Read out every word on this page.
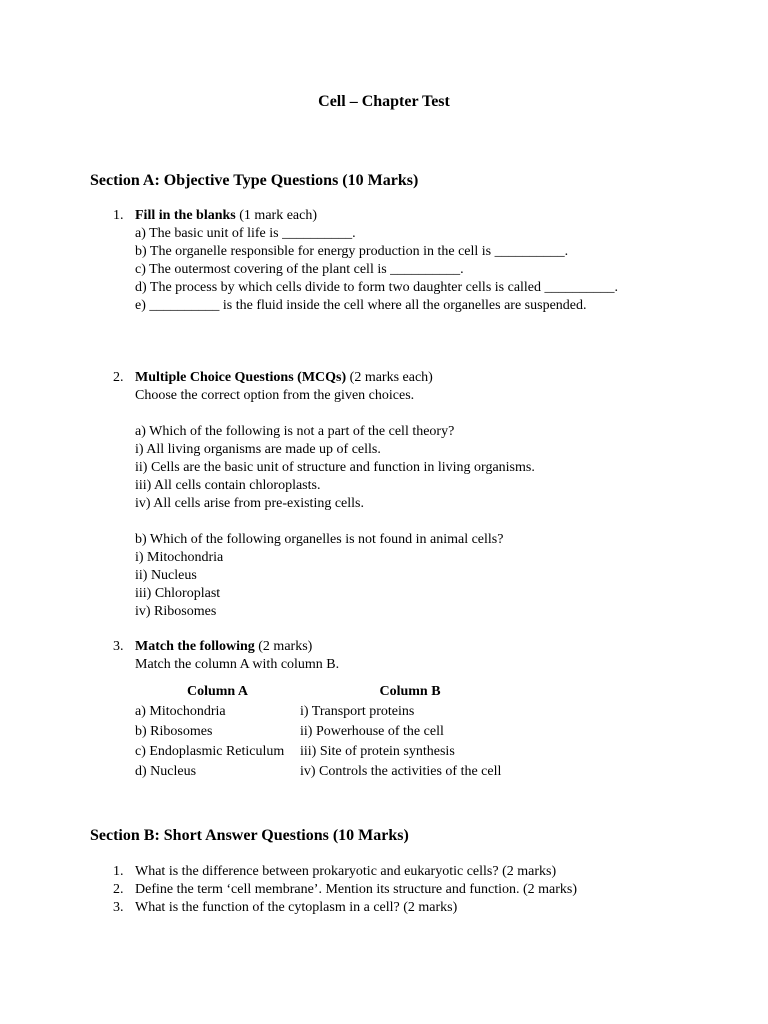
Cell – Chapter Test
Section A: Objective Type Questions (10 Marks)
1. Fill in the blanks (1 mark each)
a) The basic unit of life is __________.
b) The organelle responsible for energy production in the cell is __________.
c) The outermost covering of the plant cell is __________.
d) The process by which cells divide to form two daughter cells is called __________.
e) __________ is the fluid inside the cell where all the organelles are suspended.
2. Multiple Choice Questions (MCQs) (2 marks each)
Choose the correct option from the given choices.
a) Which of the following is not a part of the cell theory?
i) All living organisms are made up of cells.
ii) Cells are the basic unit of structure and function in living organisms.
iii) All cells contain chloroplasts.
iv) All cells arise from pre-existing cells.
b) Which of the following organelles is not found in animal cells?
i) Mitochondria
ii) Nucleus
iii) Chloroplast
iv) Ribosomes
3. Match the following (2 marks)
Match the column A with column B.
Column A	Column B
a) Mitochondria	i) Transport proteins
b) Ribosomes	ii) Powerhouse of the cell
c) Endoplasmic Reticulum	iii) Site of protein synthesis
d) Nucleus	iv) Controls the activities of the cell
Section B: Short Answer Questions (10 Marks)
1. What is the difference between prokaryotic and eukaryotic cells? (2 marks)
2. Define the term ‘cell membrane’. Mention its structure and function. (2 marks)
3. What is the function of the cytoplasm in a cell? (2 marks)
